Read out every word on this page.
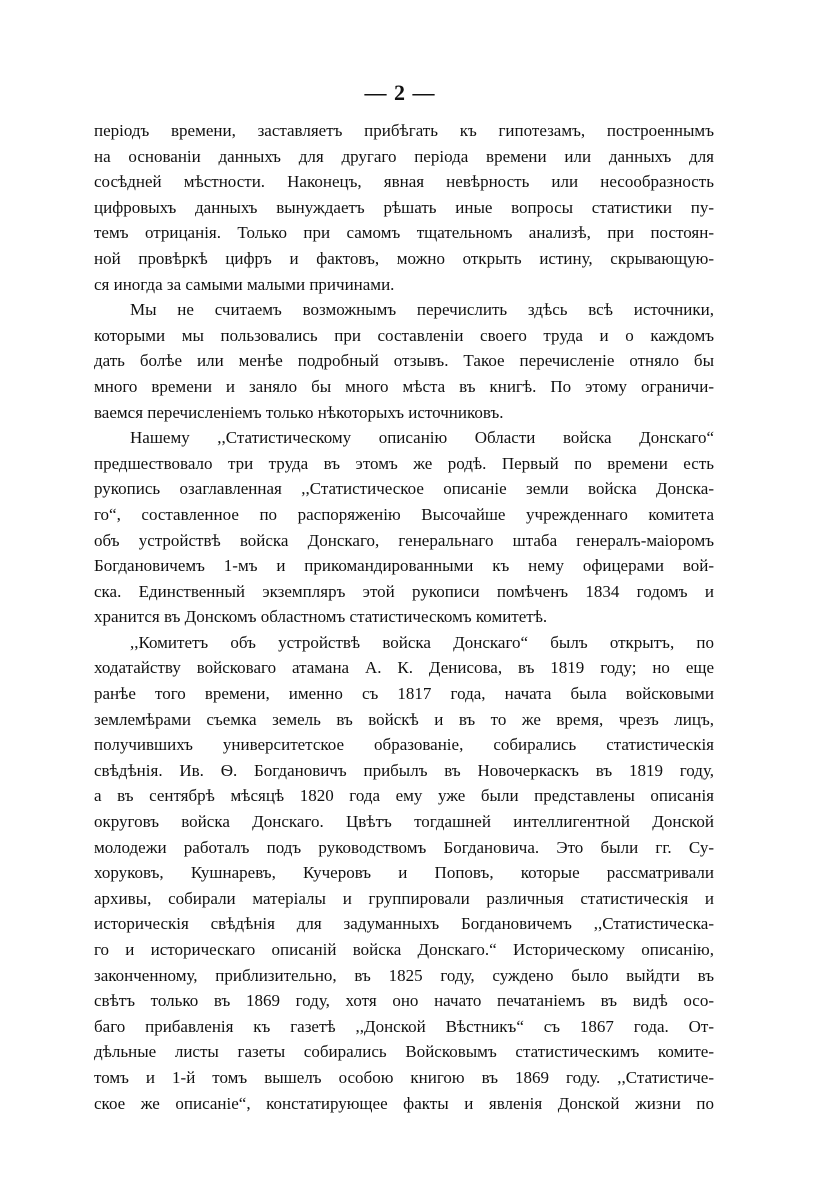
— 2 —
періодъ времени, заставляетъ прибѣгать къ гипотезамъ, построеннымъ
на основаніи данныхъ для другаго періода времени или данныхъ для
сосѣдней мѣстности. Наконецъ, явная невѣрность или несообразность
цифровыхъ данныхъ вынуждаетъ рѣшать иные вопросы статистики пу-
темъ отрицанія. Только при самомъ тщательномъ анализѣ, при постоян-
ной провѣркѣ цифръ и фактовъ, можно открыть истину, скрывающую-
ся иногда за самыми малыми причинами.
Мы не считаемъ возможнымъ перечислить здѣсь всѣ источники,
которыми мы пользовались при составленіи своего труда и о каждомъ
дать болѣе или менѣе подробный отзывъ. Такое перечисленіе отняло бы
много времени и заняло бы много мѣста въ книгѣ. По этому ограничи-
ваемся перечисленіемъ только нѣкоторыхъ источниковъ.
Нашему ,,Статистическому описанію Области войска Донскаго“
предшествовало три труда въ этомъ же родѣ. Первый по времени есть
рукопись озаглавленная ,,Статистическое описаніе земли войска Донска-
го“, составленное по распоряженію Высочайше учрежденнаго комитета
объ устройствѣ войска Донскаго, генеральнаго штаба генералъ-маіоромъ
Богдановичемъ 1-мъ и прикомандированными къ нему офицерами вой-
ска. Единственный экземпляръ этой рукописи помѣченъ 1834 годомъ и
хранится въ Донскомъ областномъ статистическомъ комитетѣ.
,,Комитетъ объ устройствѣ войска Донскаго“ былъ открытъ, по
ходатайству войсковаго атамана А. К. Денисова, въ 1819 году; но еще
ранѣе того времени, именно съ 1817 года, начата была войсковыми
землемѣрами съемка земель въ войскѣ и въ то же время, чрезъ лицъ,
получившихъ университетское образованіе, собирались статистическія
свѣдѣнія. Ив. Ѳ. Богдановичъ прибылъ въ Новочеркаскъ въ 1819 году,
а въ сентябрѣ мѣсяцѣ 1820 года ему уже были представлены описанія
округовъ войска Донскаго. Цвѣтъ тогдашней интеллигентной Донской
молодежи работалъ подъ руководствомъ Богдановича. Это были гг. Су-
хоруковъ, Кушнаревъ, Кучеровъ и Поповъ, которые рассматривали
архивы, собирали матеріалы и группировали различныя статистическія и
историческія свѣдѣнія для задуманныхъ Богдановичемъ ,,Статистическа-
го и историческаго описаній войска Донскаго.“ Историческому описанію,
законченному, приблизительно, въ 1825 году, суждено было выйдти въ
свѣтъ только въ 1869 году, хотя оно начато печатаніемъ въ видѣ осо-
баго прибавленія къ газетѣ ,,Донской Вѣстникъ“ съ 1867 года. От-
дѣльные листы газеты собирались Войсковымъ статистическимъ комите-
томъ и 1-й томъ вышелъ особою книгою въ 1869 году. ,,Статистиче-
ское же описаніе“, констатирующее факты и явленія Донской жизни по
